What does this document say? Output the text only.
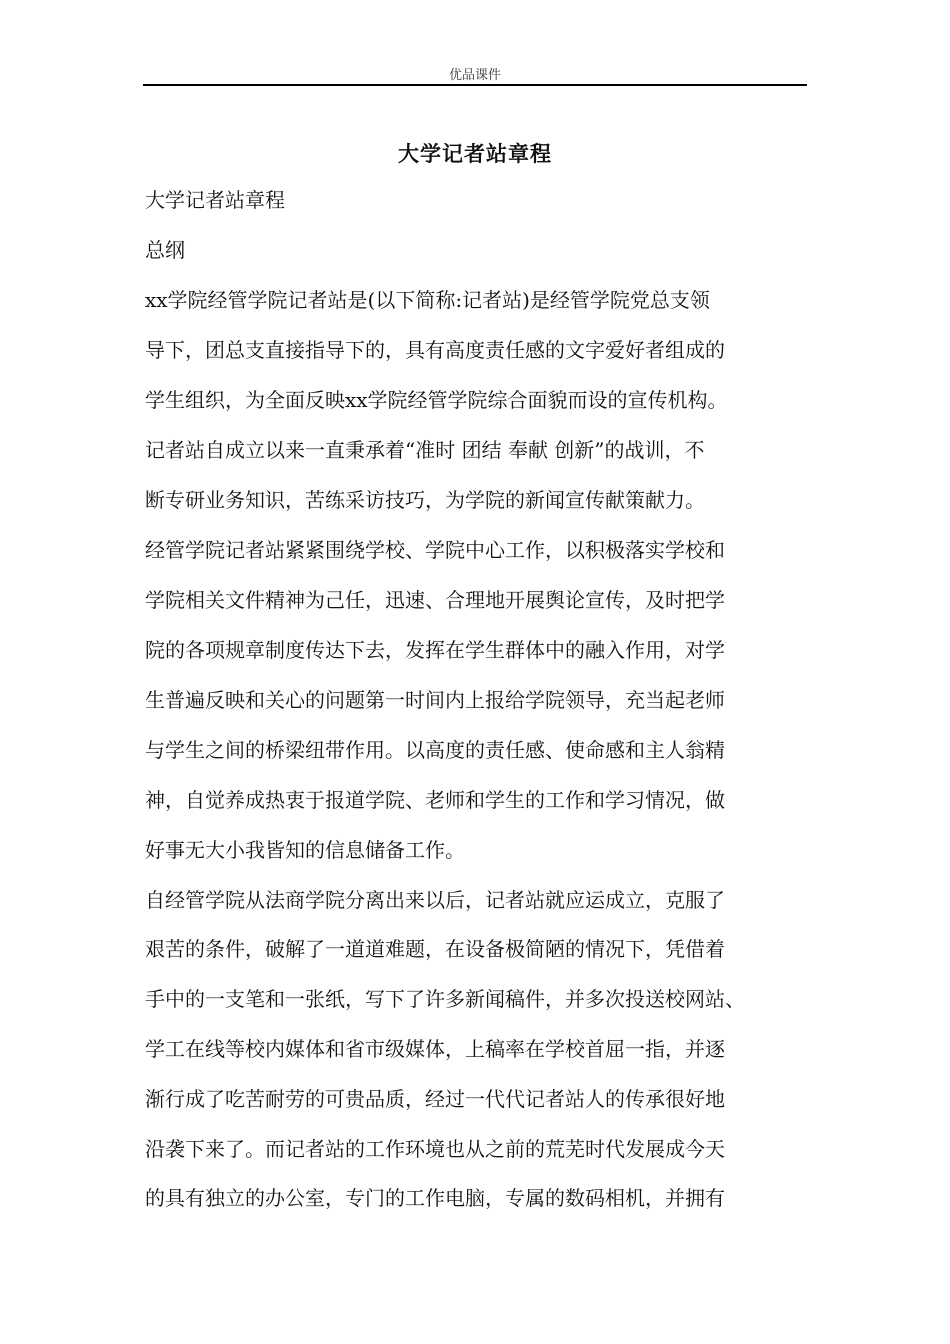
优品课件
大学记者站章程
大学记者站章程
总纲
xx学院经管学院记者站是(以下简称:记者站)是经管学院党总支领
导下，团总支直接指导下的，具有高度责任感的文字爱好者组成的
学生组织，为全面反映xx学院经管学院综合面貌而设的宣传机构。
记者站自成立以来一直秉承着“准时 团结 奉献 创新”的战训，不
断专研业务知识，苦练采访技巧，为学院的新闻宣传献策献力。
经管学院记者站紧紧围绕学校、学院中心工作，以积极落实学校和
学院相关文件精神为己任，迅速、合理地开展舆论宣传，及时把学
院的各项规章制度传达下去，发挥在学生群体中的融入作用，对学
生普遍反映和关心的问题第一时间内上报给学院领导，充当起老师
与学生之间的桥梁纽带作用。以高度的责任感、使命感和主人翁精
神，自觉养成热衷于报道学院、老师和学生的工作和学习情况，做
好事无大小我皆知的信息储备工作。
自经管学院从法商学院分离出来以后，记者站就应运成立，克服了
艰苦的条件，破解了一道道难题，在设备极简陋的情况下，凭借着
手中的一支笔和一张纸，写下了许多新闻稿件，并多次投送校网站、
学工在线等校内媒体和省市级媒体，上稿率在学校首屈一指，并逐
渐行成了吃苦耐劳的可贵品质，经过一代代记者站人的传承很好地
沿袭下来了。而记者站的工作环境也从之前的荒芜时代发展成今天
的具有独立的办公室，专门的工作电脑，专属的数码相机，并拥有
